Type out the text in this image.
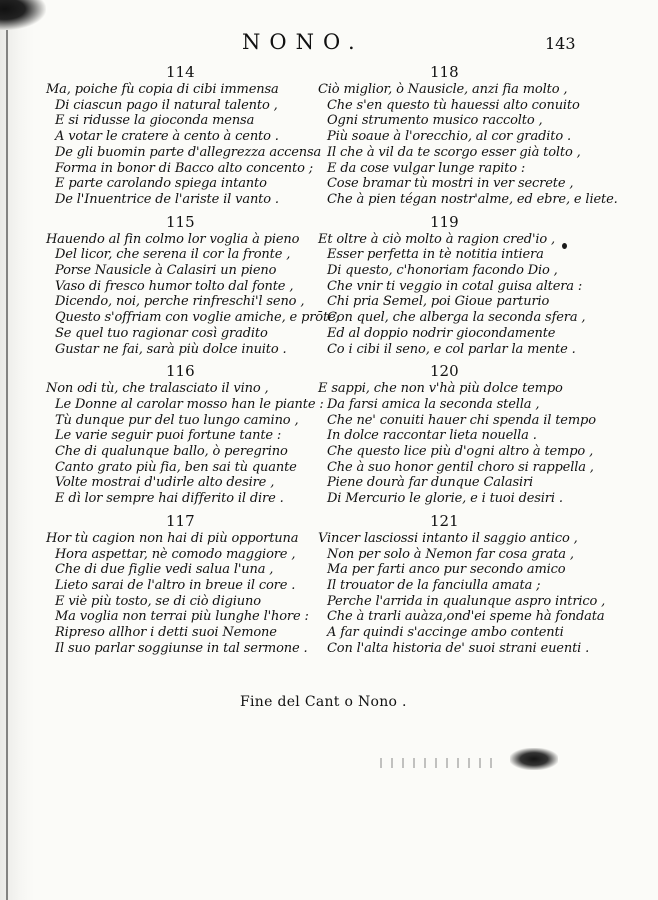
NONO.	143
114
Ma, poiche fù copia di cibi immensa
Di ciascun pago il natural talento ,
E si ridusse la gioconda mensa
A votar le cratere à cento à cento .
De gli buomin parte d'allegrezza accensa
Forma in bonor di Bacco alto concento ;
E parte carolando spiega intanto
De l'Inuentrice de l'ariste il vanto .
115
Hauendo al fin colmo lor voglia à pieno
Del licor, che serena il cor la fronte ,
Porse Nausicle à Calasiri un pieno
Vaso di fresco humor tolto dal fonte ,
Dicendo, noi, perche rinfreschi'l seno ,
Questo s'offriam con voglie amiche, e prōte;
Se quel tuo ragionar così gradito
Gustar ne fai, sarà più dolce inuito .
116
Non odi tù, che tralasciato il vino ,
Le Donne al carolar mosso han le piante :
Tù dunque pur del tuo lungo camino ,
Le varie seguir puoi fortune tante :
Che di qualunque ballo, ò peregrino
Canto grato più fia, ben sai tù quante
Volte mostrai d'udirle alto desire ,
E dì lor sempre hai differito il dire .
117
Hor tù cagion non hai di più opportuna
Hora aspettar, nè comodo maggiore ,
Che di due figlie vedi salua l'una ,
Lieto sarai de l'altro in breue il core .
E viè più tosto, se di ciò digiuno
Ma voglia non terrai più lunghe l'hore :
Ripreso allhor i detti suoi Nemone
Il suo parlar soggiunse in tal sermone .
118
Ciò miglior, ò Nausicle, anzi fia molto ,
Che s'en questo tù hauessi alto conuito
Ogni strumento musico raccolto ,
Più soaue à l'orecchio, al cor gradito .
Il che à vil da te scorgo esser già tolto ,
E da cose vulgar lunge rapito :
Cose bramar tù mostri in ver secrete ,
Che à pien tégan nostr'alme, ed ebre, e liete.
119
Et oltre à ciò molto à ragion cred'io ,
Esser perfetta in tè notitia intiera
Di questo, c'honoriam facondo Dio ,
Che vnir ti veggio in cotal guisa altera :
Chi pria Semel, poi Gioue parturio
Con quel, che alberga la seconda sfera ,
Ed al doppio nodrir giocondamente
Co i cibi il seno, e col parlar la mente .
120
E sappi, che non v'hà più dolce tempo
Da farsi amica la seconda stella ,
Che ne' conuiti hauer chi spenda il tempo
In dolce raccontar lieta nouella .
Che questo lice più d'ogni altro à tempo ,
Che à suo honor gentil choro si rappella ,
Piene dourà far dunque Calasiri
Di Mercurio le glorie, e i tuoi desiri .
121
Vincer lasciossi intanto il saggio antico ,
Non per solo à Nemon far cosa grata ,
Ma per farti anco pur secondo amico
Il trouator de la fanciulla amata ;
Perche l'arrida in qualunque aspro intrico ,
Che à trarli auàza,ond'ei speme hà fondata
A far quindi s'accinge ambo contenti
Con l'alta historia de' suoi strani euenti .
Fine del Cant o Nono .
